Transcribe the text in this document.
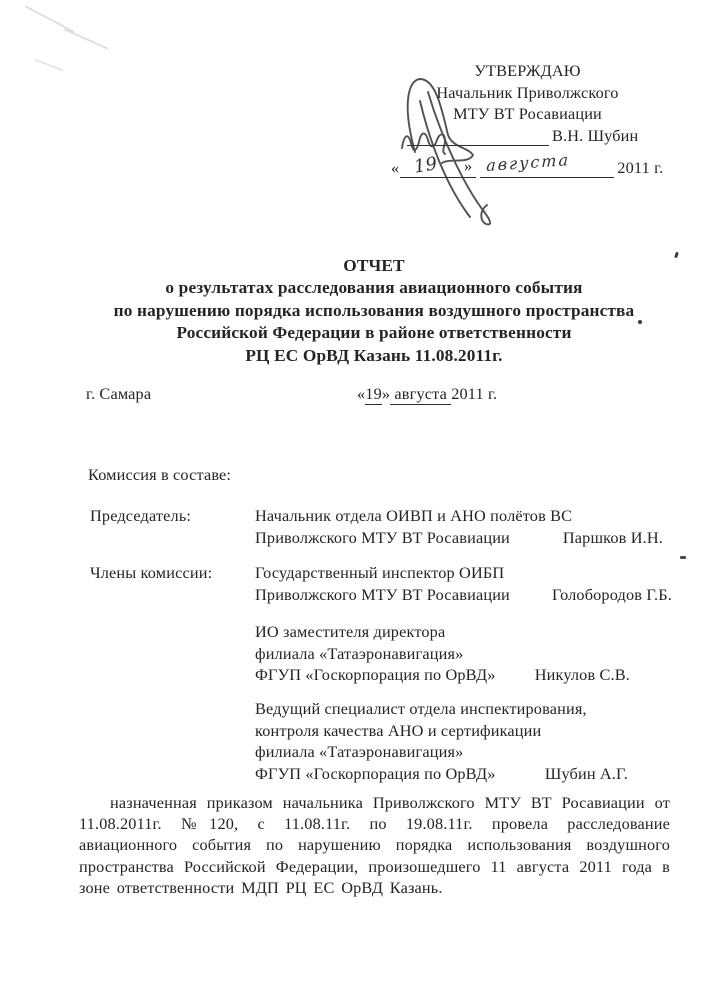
УТВЕРЖДАЮ
Начальник Приволжского
МТУ ВТ Росавиации
В.Н. Шубин
« 19 » августа	2011 г.
ОТЧЕТ
о результатах расследования авиационного события
по нарушению порядка использования воздушного пространства
Российской Федерации в районе ответственности
РЦ ЕС ОрВД Казань 11.08.2011г.
г. Самара	«19» августа 2011 г.
Комиссия в составе:
Председатель:	Начальник отдела ОИВП и АНО полётов ВС
Приволжского МТУ ВТ Росавиации	Паршков И.Н.
Члены комиссии:	Государственный инспектор ОИБП
Приволжского МТУ ВТ Росавиации	Голобородов Г.Б.
ИО заместителя директора
филиала «Татаэронавигация»
ФГУП «Госкорпорация по ОрВД» Никулов С.В.
Ведущий специалист отдела инспектирования,
контроля качества АНО и сертификации
филиала «Татаэронавигация»
ФГУП «Госкорпорация по ОрВД»	Шубин А.Г.
назначенная приказом начальника Приволжского МТУ ВТ Росавиации от 11.08.2011г. №120, с 11.08.11г. по 19.08.11г. провела расследование авиационного события по нарушению порядка использования воздушного пространства Российской Федерации, произошедшего 11 августа 2011 года в зоне ответственности МДП РЦ ЕС ОрВД Казань.
